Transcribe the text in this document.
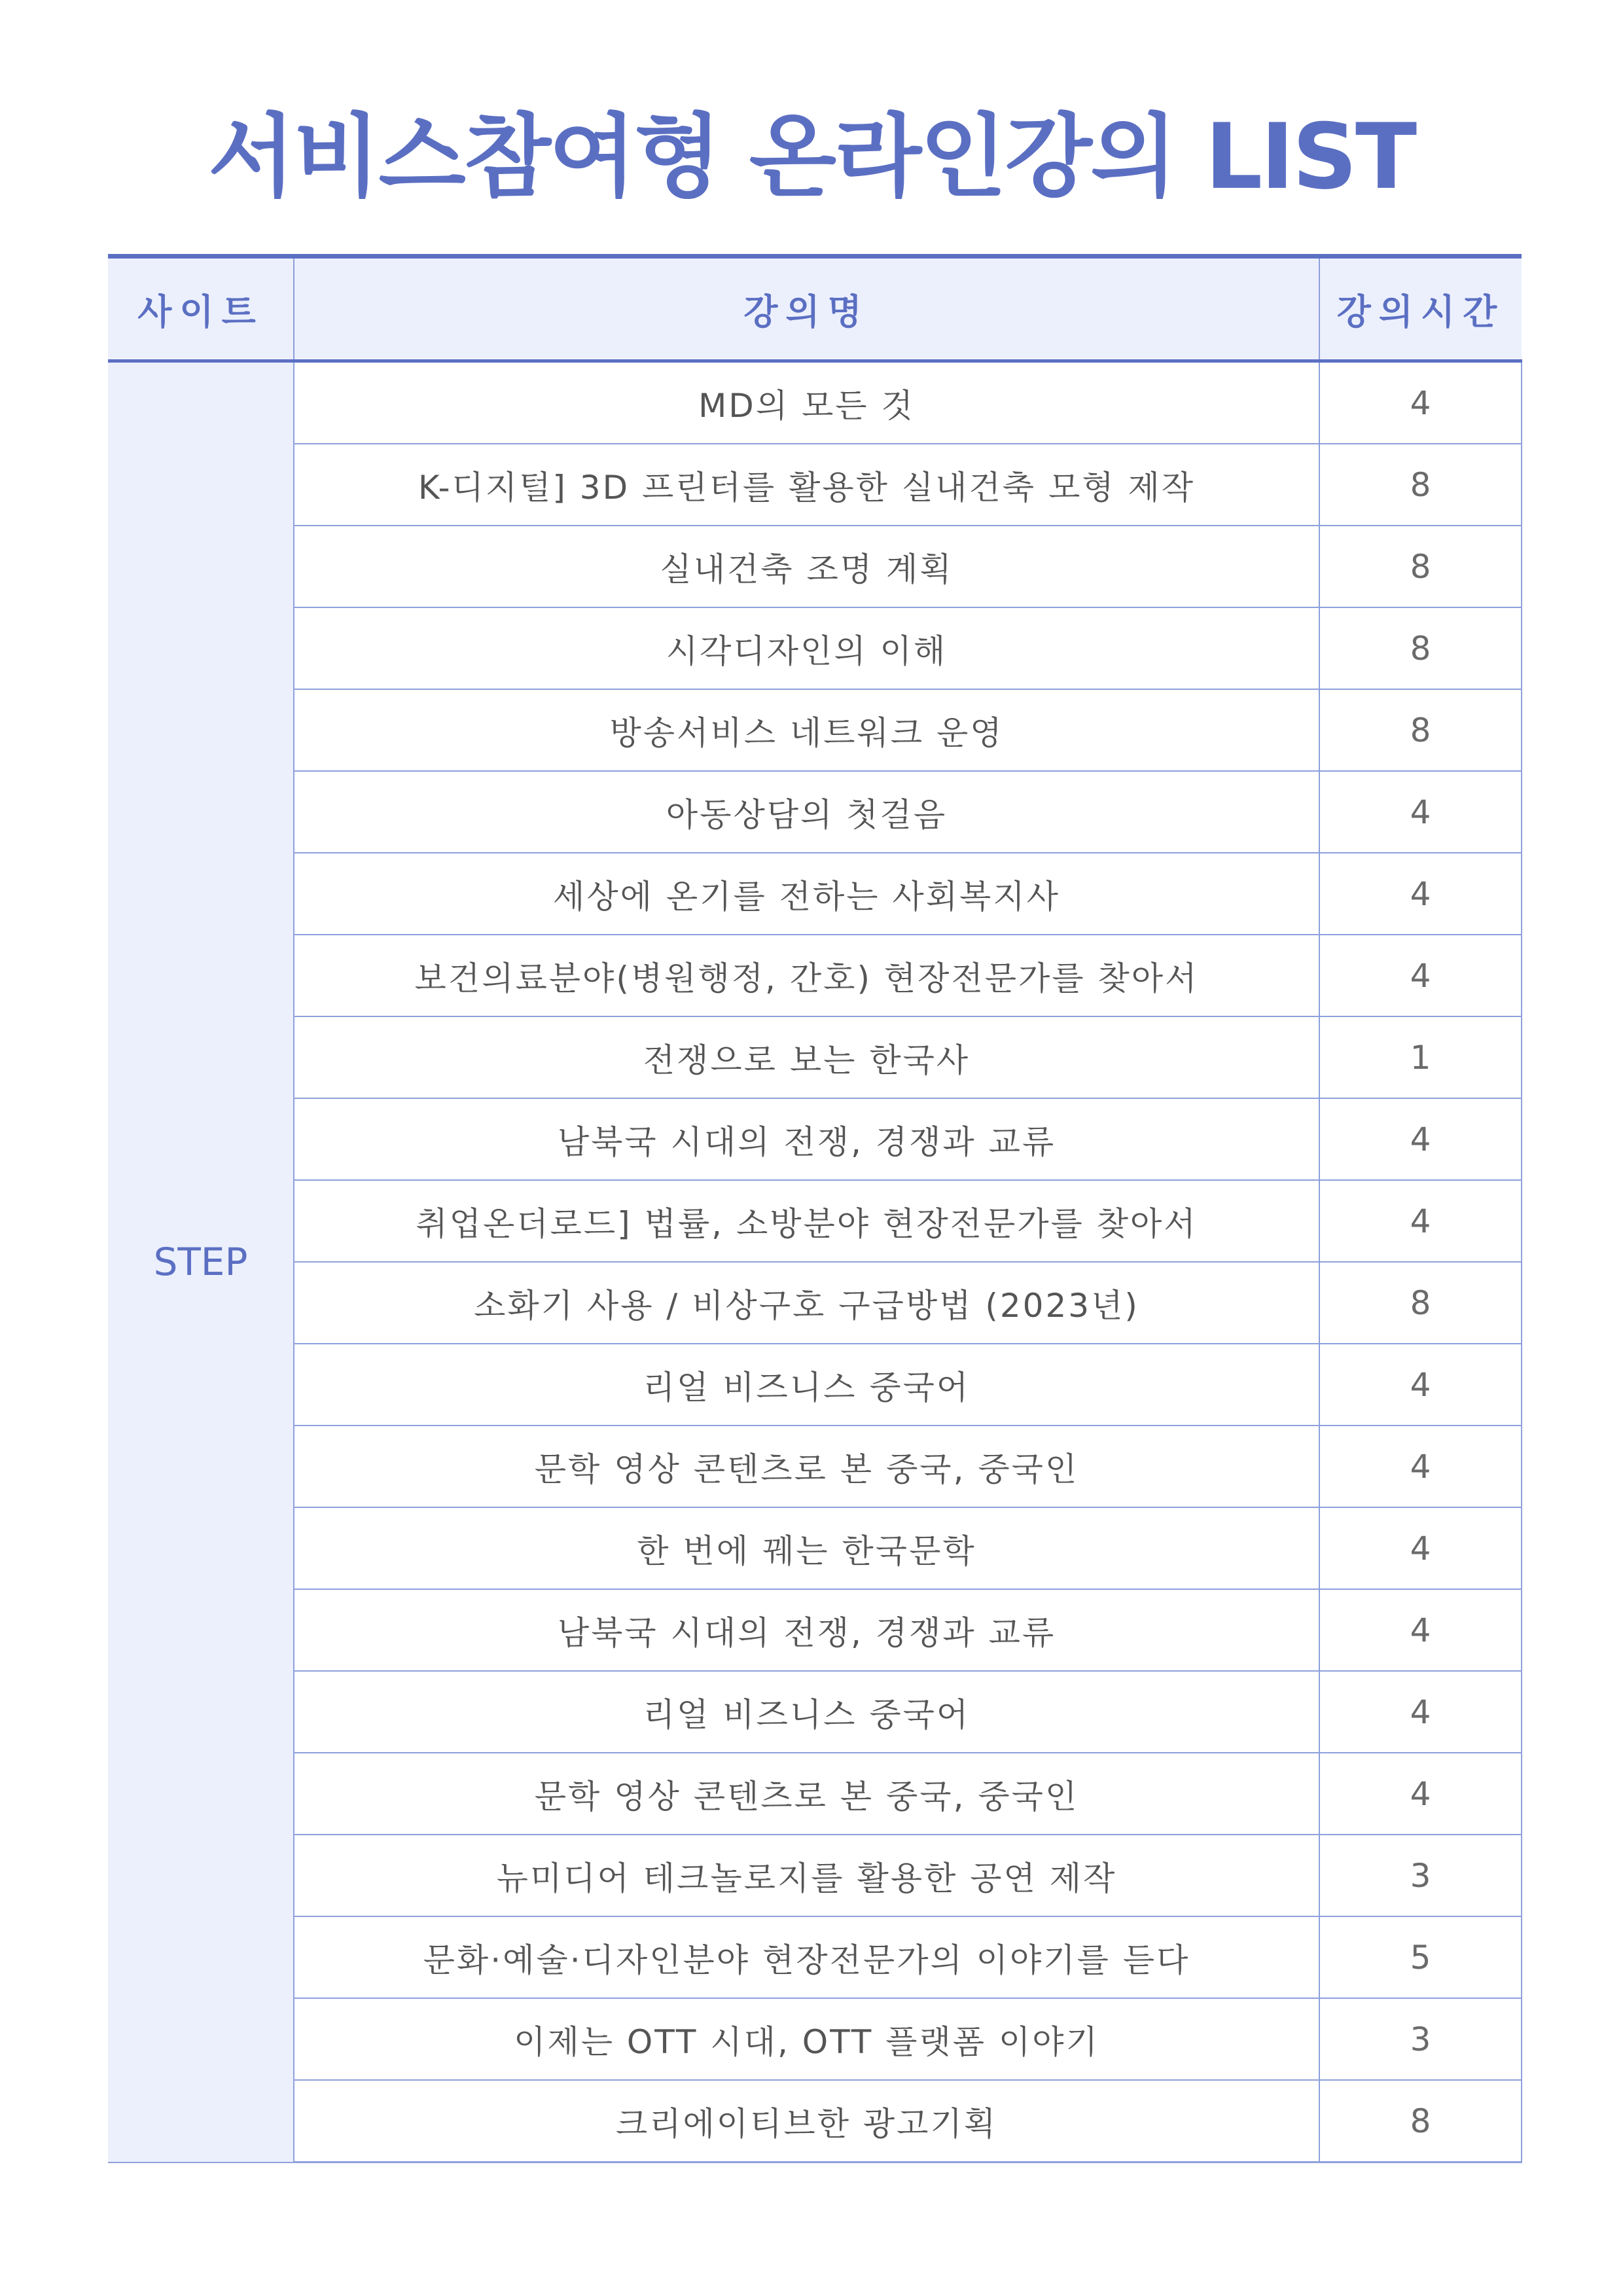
서비스참여형 온라인강의 LIST
사이트	강의명	강의시간
STEP	MD의 모든 것	4
	K-디지털] 3D 프린터를 활용한 실내건축 모형 제작	8
	실내건축 조명 계획	8
	시각디자인의 이해	8
	방송서비스 네트워크 운영	8
	아동상담의 첫걸음	4
	세상에 온기를 전하는 사회복지사	4
	보건의료분야(병원행정, 간호) 현장전문가를 찾아서	4
	전쟁으로 보는 한국사	1
	남북국 시대의 전쟁, 경쟁과 교류	4
	취업온더로드] 법률, 소방분야 현장전문가를 찾아서	4
	소화기 사용 / 비상구호 구급방법 (2023년)	8
	리얼 비즈니스 중국어	4
	문학 영상 콘텐츠로 본 중국, 중국인	4
	한 번에 꿰는 한국문학	4
	남북국 시대의 전쟁, 경쟁과 교류	4
	리얼 비즈니스 중국어	4
	문학 영상 콘텐츠로 본 중국, 중국인	4
	뉴미디어 테크놀로지를 활용한 공연 제작	3
	문화·예술·디자인분야 현장전문가의 이야기를 듣다	5
	이제는 OTT 시대, OTT 플랫폼 이야기	3
	크리에이티브한 광고기획	8
